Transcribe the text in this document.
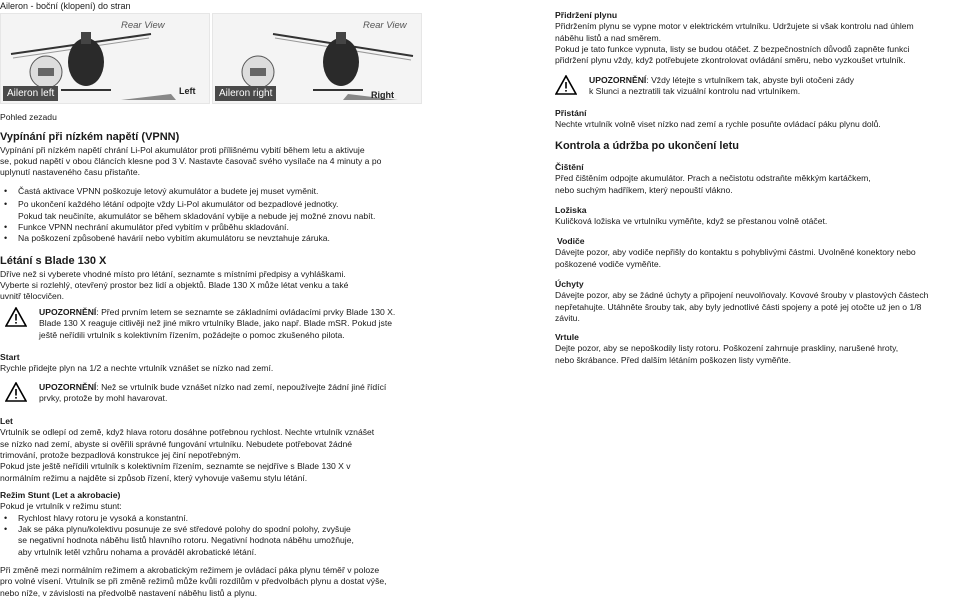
Aileron - boční (klopení) do stran
Rear View
Aileron left	Left
Rear View
Aileron right	Right
Pohled zezadu
Vypínání při nízkém napětí (VPNN)
Vypínání při nízkém napětí chrání Li-Pol akumulátor proti přílišnému vybití během letu a aktivuje
se, pokud napětí v obou článcích klesne pod 3 V. Nastavte časovač svého vysílače na 4 minuty a po
uplynutí nastaveného času přistaňte.
• Častá aktivace VPNN poškozuje letový akumulátor a budete jej muset vyměnit.
• Po ukončení každého létání odpojte vždy Li-Pol akumulátor od bezpadlové jednotky.
Pokud tak neučiníte, akumulátor se během skladování vybije a nebude jej možné znovu nabít.
• Funkce VPNN nechrání akumulátor před vybitím v průběhu skladování.
• Na poškození způsobené havárií nebo vybitím akumulátoru se nevztahuje záruka.
Létání s Blade 130 X
Dříve než si vyberete vhodné místo pro létání, seznamte s místními předpisy a vyhláškami.
Vyberte si rozlehlý, otevřený prostor bez lidí a objektů. Blade 130 X může létat venku a také
uvnitř tělocvičen.
UPOZORNĚNÍ: Před prvním letem se seznamte se základními ovládacími prvky Blade 130 X.
Blade 130 X reaguje citlivěji než jiné mikro vrtulníky Blade, jako např. Blade mSR. Pokud jste
ještě neřídili vrtulník s kolektivním řízením, požádejte o pomoc zkušeného pilota.
Start
Rychle přidejte plyn na 1/2 a nechte vrtulník vznášet se nízko nad zemí.
UPOZORNĚNÍ: Než se vrtulník bude vznášet nízko nad zemí, nepoužívejte žádní jiné řídící
prvky, protože by mohl havarovat.
Let
Vrtulník se odlepí od země, když hlava rotoru dosáhne potřebnou rychlost. Nechte vrtulník vznášet
se nízko nad zemí, abyste si ověřili správné fungování vrtulníku. Nebudete potřebovat žádné
trimování, protože bezpadlová konstrukce jej činí nepotřebným.
Pokud jste ještě neřídili vrtulník s kolektivním řízením, seznamte se nejdříve s Blade 130 X v
normálním režimu a najděte si způsob řízení, který vyhovuje vašemu stylu létání.
Režim Stunt (Let a akrobacie)
Pokud je vrtulník v režimu stunt:
• Rychlost hlavy rotoru je vysoká a konstantní.
• Jak se páka plynu/kolektivu posunuje ze své středové polohy do spodní polohy, zvyšuje
se negativní hodnota náběhu listů hlavního rotoru. Negativní hodnota náběhu umožňuje,
aby vrtulník letěl vzhůru nohama a prováděl akrobatické létání.
Při změně mezi normálním režimem a akrobatickým režimem je ovládací páka plynu téměř v poloze
pro volné vísení. Vrtulník se při změně režimů může kvůli rozdílům v předvolbách plynu a dostat výše,
nebo níže, v závislosti na předvolbě nastavení náběhu listů a plynu.
Přidržení plynu
Přidržením plynu se vypne motor v elektrickém vrtulníku. Udržujete si však kontrolu nad úhlem
náběhu listů a nad směrem.
Pokud je tato funkce vypnuta, listy se budou otáčet. Z bezpečnostních důvodů zapněte funkci
přidržení plynu vždy, když potřebujete zkontrolovat ovládání směru, nebo vyzkoušet vrtulník.
UPOZORNĚNÍ: Vždy létejte s vrtulníkem tak, abyste byli otočeni zády
k Slunci a neztratili tak vizuální kontrolu nad vrtulníkem.
Přistání
Nechte vrtulník volně viset nízko nad zemí a rychle posuňte ovládací páku plynu dolů.
Kontrola a údržba po ukončení letu
Čištění
Před čištěním odpojte akumulátor. Prach a nečistotu odstraňte měkkým kartáčkem,
nebo suchým hadříkem, který nepouští vlákno.
Ložiska
Kuličková ložiska ve vrtulníku vyměňte, když se přestanou volně otáčet.
Vodiče
Dávejte pozor, aby vodiče nepřišly do kontaktu s pohyblivými částmi. Uvolněné konektory nebo
poškozené vodiče vyměňte.
Úchyty
Dávejte pozor, aby se žádné úchyty a připojení neuvolňovaly. Kovové šrouby v plastových částech
nepřetahujte. Utáhněte šrouby tak, aby byly jednotlivé části spojeny a poté jej otočte už jen o 1/8
závitu.
Vrtule
Dejte pozor, aby se nepoškodily listy rotoru. Poškození zahrnuje praskliny, narušené hroty,
nebo škrábance. Před dalším létáním poškozen listy vyměňte.
